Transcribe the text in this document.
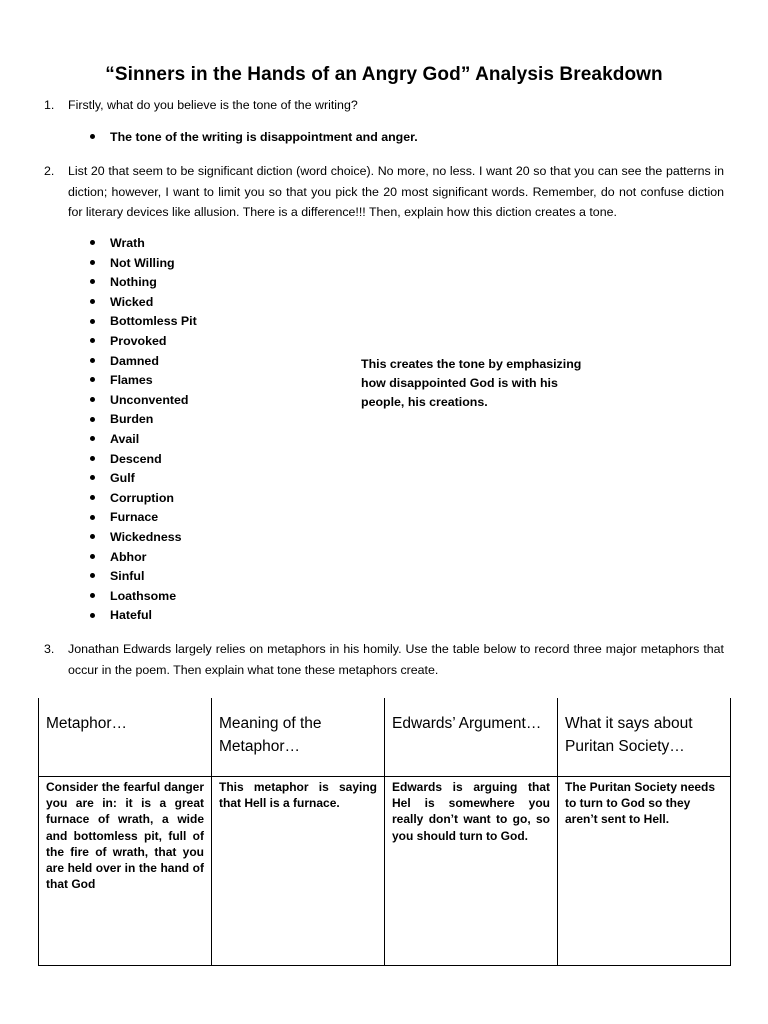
“Sinners in the Hands of an Angry God” Analysis Breakdown
1.	Firstly, what do you believe is the tone of the writing?
The tone of the writing is disappointment and anger.
2.	List 20 that seem to be significant diction (word choice). No more, no less. I want 20 so that you can see the patterns in diction; however, I want to limit you so that you pick the 20 most significant words. Remember, do not confuse diction for literary devices like allusion. There is a difference!!! Then, explain how this diction creates a tone.
Wrath
Not Willing
Nothing
Wicked
Bottomless Pit
Provoked
Damned
Flames
Unconvented
Burden
Avail
Descend
Gulf
Corruption
Furnace
Wickedness
Abhor
Sinful
Loathsome
Hateful
This creates the tone by emphasizing how disappointed God is with his people, his creations.
3.	Jonathan Edwards largely relies on metaphors in his homily. Use the table below to record three major metaphors that occur in the poem. Then explain what tone these metaphors create.
Metaphor…	Meaning of the Metaphor…	Edwards’ Argument…	What it says about Puritan Society…

Consider the fearful danger you are in: it is a great furnace of wrath, a wide and bottomless pit, full of the fire of wrath, that you are held over in the hand of that God	This metaphor is saying that Hell is a furnace.	Edwards is arguing that Hel is somewhere you really don’t want to go, so you should turn to God.	The Puritan Society needs to turn to God so they aren’t sent to Hell.
